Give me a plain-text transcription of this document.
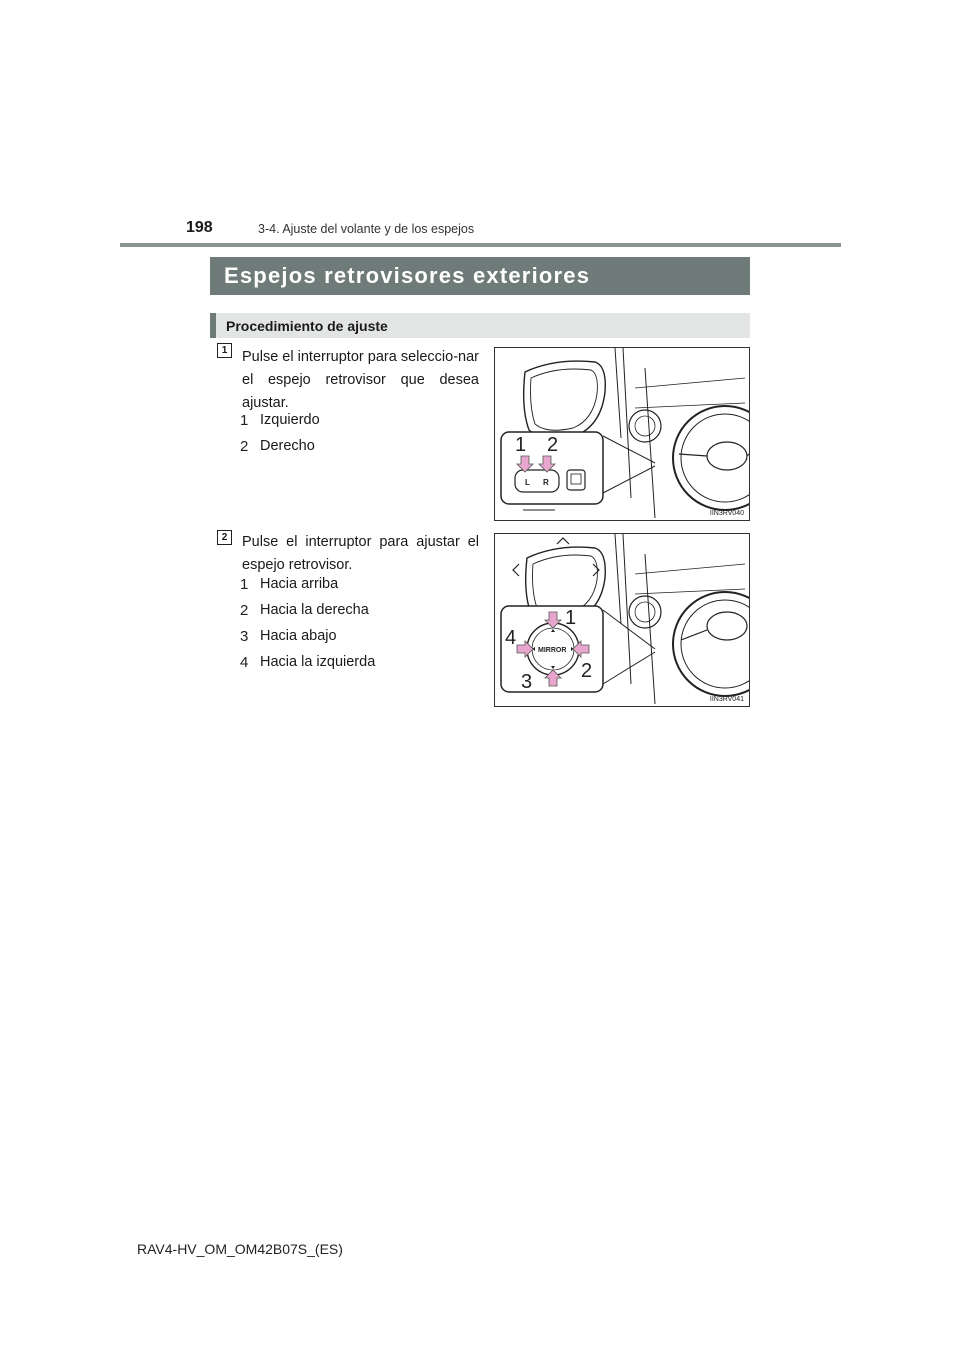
198	3-4. Ajuste del volante y de los espejos
Espejos retrovisores exteriores
Procedimiento de ajuste
1	Pulse el interruptor para seleccio-nar el espejo retrovisor que desea ajustar.
1 Izquierdo
2 Derecho
L R
1 2
IIN3RV040
2	Pulse el interruptor para ajustar el espejo retrovisor.
1 Hacia arriba
2 Hacia la derecha
3 Hacia abajo
4 Hacia la izquierda
MIRROR
1
2
3
4
IIN3RV041
RAV4-HV_OM_OM42B07S_(ES)
